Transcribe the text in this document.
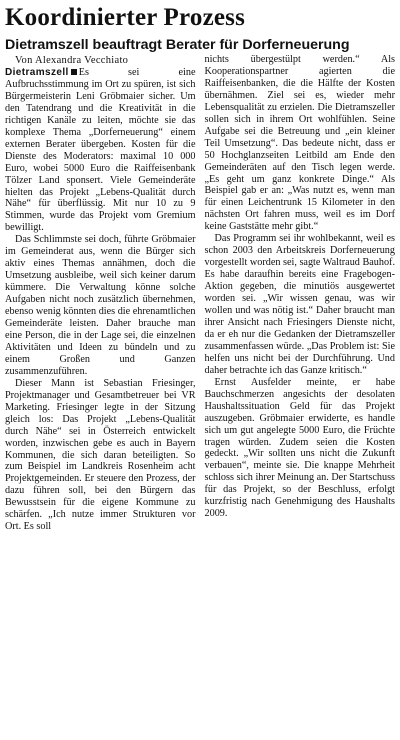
Koordinierter Prozess
Dietramszell beauftragt Berater für Dorferneuerung

Von Alexandra Vecchiato

Dietramszell Es sei eine Aufbruchsstimmung im Ort zu spüren, ist sich Bürgermeisterin Leni Gröbmaier sicher. Um den Tatendrang und die Kreativität in die richtigen Kanäle zu leiten, möchte sie das komplexe Thema „Dorferneuerung“ einem externen Berater übergeben. Kosten für die Dienste des Moderators: maximal 10 000 Euro, wobei 5000 Euro die Raiffeisenbank Tölzer Land sponsert. Viele Gemeinderäte hielten das Projekt „Lebens-Qualität durch Nähe“ für überflüssig. Mit nur 10 zu 9 Stimmen, wurde das Projekt vom Gremium bewilligt.

Das Schlimmste sei doch, führte Gröbmaier im Gemeinderat aus, wenn die Bürger sich aktiv eines Themas annähmen, doch die Umsetzung ausbleibe, weil sich keiner darum kümmere. Die Verwaltung könne solche Aufgaben nicht noch zusätzlich übernehmen, ebenso wenig könnten dies die ehrenamtlichen Gemeinderäte leisten. Daher brauche man eine Person, die in der Lage sei, die einzelnen Aktivitäten und Ideen zu bündeln und zu einem Großen und Ganzen zusammenzuführen.

Dieser Mann ist Sebastian Friesinger, Projektmanager und Gesamtbetreuer bei VR Marketing. Friesinger legte in der Sitzung gleich los: Das Projekt „Lebens-Qualität durch Nähe“ sei in Österreich entwickelt worden, inzwischen gebe es auch in Bayern Kommunen, die sich daran beteiligten. So zum Beispiel im Landkreis Rosenheim acht Projektgemeinden. Er steuere den Prozess, der dazu führen soll, bei den Bürgern das Bewusstsein für die eigene Kommune zu schärfen. „Ich nutze immer Strukturen vor Ort. Es soll

nichts übergestülpt werden.“ Als Kooperationspartner agierten die Raiffeisenbanken, die die Hälfte der Kosten übernähmen. Ziel sei es, wieder mehr Lebensqualität zu erzielen. Die Dietramszeller sollen sich in ihrem Ort wohlfühlen. Seine Aufgabe sei die Betreuung und „ein kleiner Teil Umsetzung“. Das bedeute nicht, dass er 50 Hochglanzseiten Leitbild am Ende den Gemeinderäten auf den Tisch legen werde. „Es geht um ganz konkrete Dinge.“ Als Beispiel gab er an: „Was nutzt es, wenn man für einen Leichentrunk 15 Kilometer in den nächsten Ort fahren muss, weil es im Dorf keine Gaststätte mehr gibt.“

Das Programm sei ihr wohlbekannt, weil es schon 2003 den Arbeitskreis Dorferneuerung vorgestellt worden sei, sagte Waltraud Bauhof. Es habe daraufhin bereits eine Fragebogen-Aktion gegeben, die minutiös ausgewertet worden sei. „Wir wissen genau, was wir wollen und was nötig ist.“ Daher braucht man ihrer Ansicht nach Friesingers Dienste nicht, da er eh nur die Gedanken der Dietramszeller zusammenfassen würde. „Das Problem ist: Sie helfen uns nicht bei der Durchführung. Und daher betrachte ich das Ganze kritisch.“

Ernst Ausfelder meinte, er habe Bauchschmerzen angesichts der desolaten Haushaltssituation Geld für das Projekt auszugeben. Gröbmaier erwiderte, es handle sich um gut angelegte 5000 Euro, die Früchte tragen würden. Zudem seien die Kosten gedeckt. „Wir sollten uns nicht die Zukunft verbauen“, meinte sie. Die knappe Mehrheit schloss sich ihrer Meinung an. Der Startschuss für das Projekt, so der Beschluss, erfolgt kurzfristig nach Genehmigung des Haushalts 2009.
